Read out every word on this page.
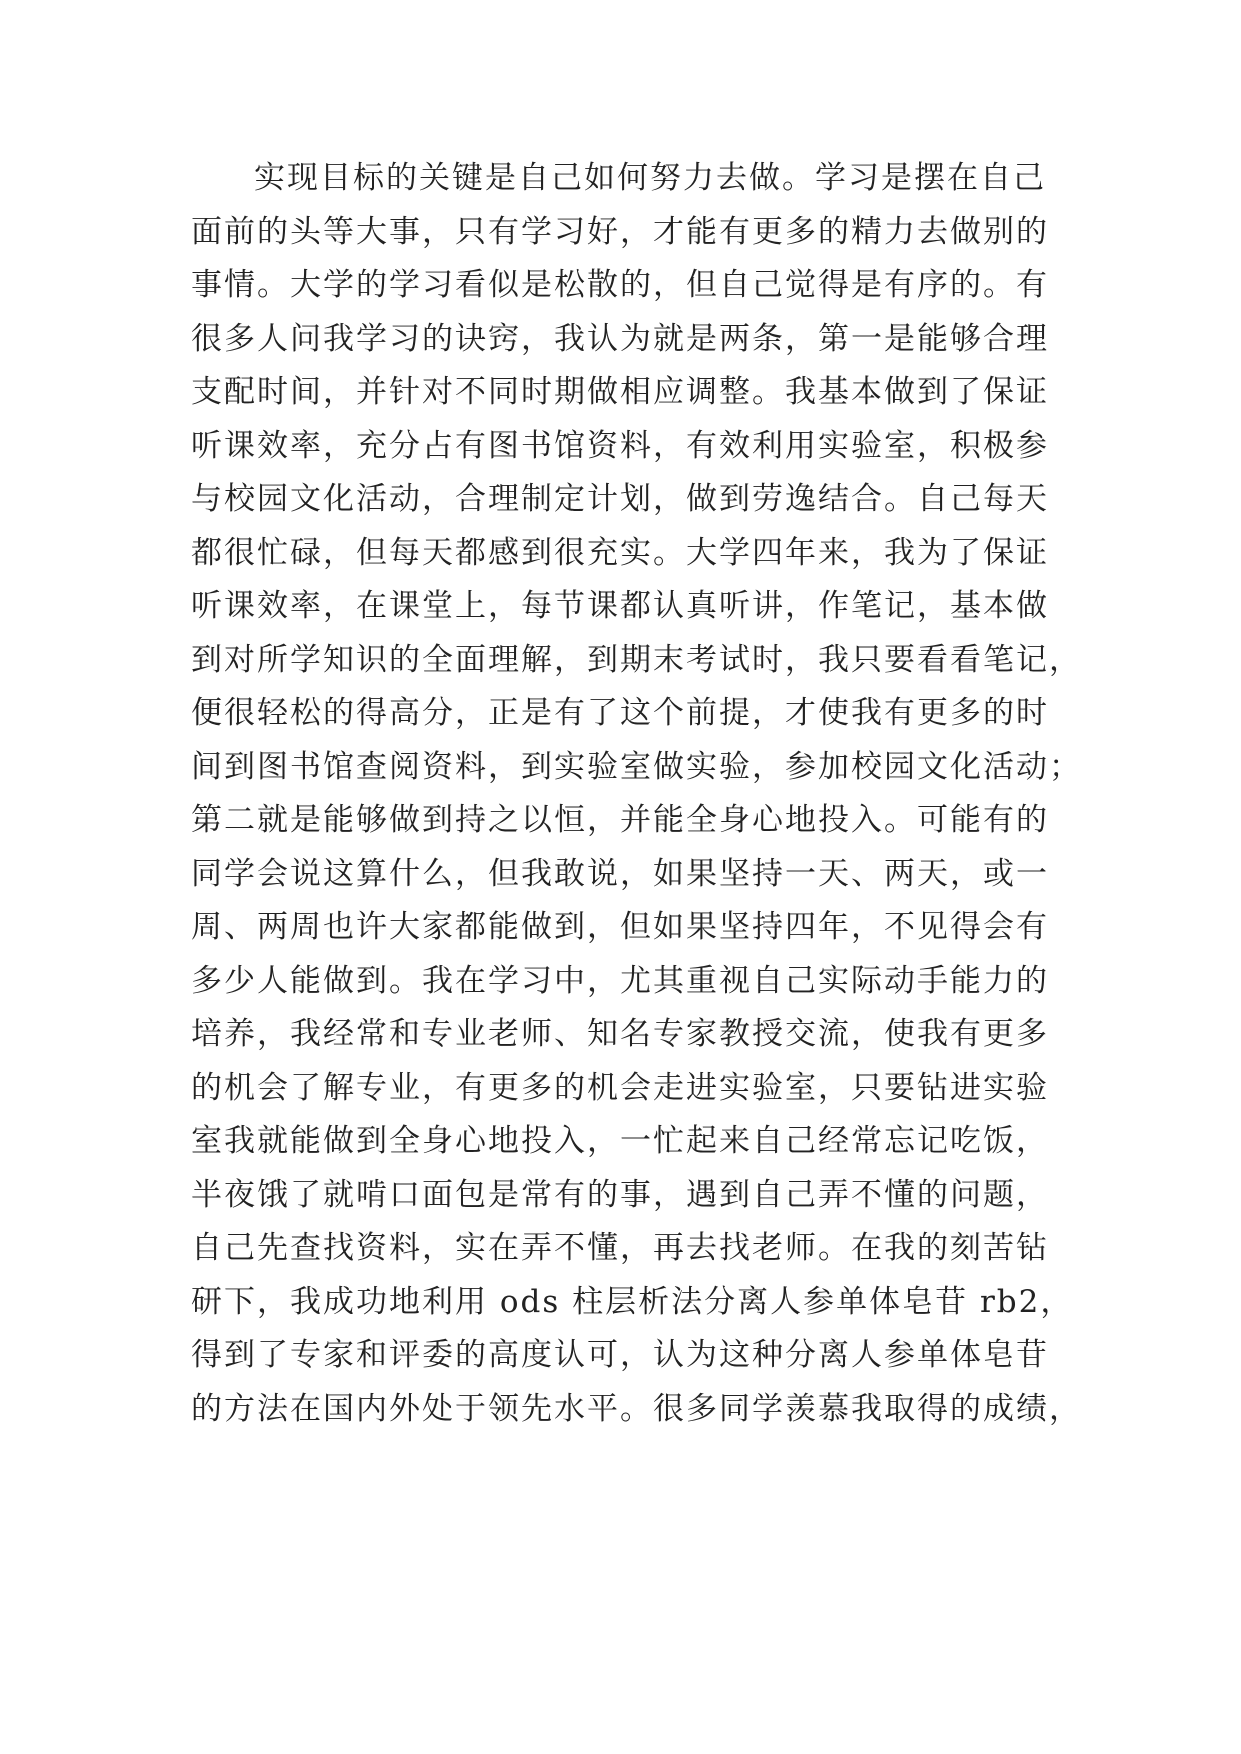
实现目标的关键是自己如何努力去做。学习是摆在自己
面前的头等大事，只有学习好，才能有更多的精力去做别的
事情。大学的学习看似是松散的，但自己觉得是有序的。有
很多人问我学习的诀窍，我认为就是两条，第一是能够合理
支配时间，并针对不同时期做相应调整。我基本做到了保证
听课效率，充分占有图书馆资料，有效利用实验室，积极参
与校园文化活动，合理制定计划，做到劳逸结合。自己每天
都很忙碌，但每天都感到很充实。大学四年来，我为了保证
听课效率，在课堂上，每节课都认真听讲，作笔记，基本做
到对所学知识的全面理解，到期末考试时，我只要看看笔记，
便很轻松的得高分，正是有了这个前提，才使我有更多的时
间到图书馆查阅资料，到实验室做实验，参加校园文化活动；
第二就是能够做到持之以恒，并能全身心地投入。可能有的
同学会说这算什么，但我敢说，如果坚持一天、两天，或一
周、两周也许大家都能做到，但如果坚持四年，不见得会有
多少人能做到。我在学习中，尤其重视自己实际动手能力的
培养，我经常和专业老师、知名专家教授交流，使我有更多
的机会了解专业，有更多的机会走进实验室，只要钻进实验
室我就能做到全身心地投入，一忙起来自己经常忘记吃饭，
半夜饿了就啃口面包是常有的事，遇到自己弄不懂的问题，
自己先查找资料，实在弄不懂，再去找老师。在我的刻苦钻
研下，我成功地利用 ods 柱层析法分离人参单体皂苷 rb2，
得到了专家和评委的高度认可，认为这种分离人参单体皂苷
的方法在国内外处于领先水平。很多同学羡慕我取得的成绩，
